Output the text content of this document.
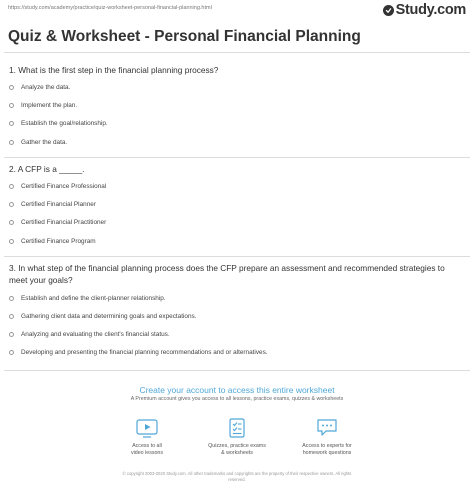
https://study.com/academy/practice/quiz-worksheet-personal-financial-planning.html	Study.com
Quiz & Worksheet - Personal Financial Planning
1. What is the first step in the financial planning process?
Analyze the data.
Implement the plan.
Establish the goal/relationship.
Gather the data.
2. A CFP is a _____.
Certified Finance Professional
Certified Financial Planner
Certified Financial Practitioner
Certified Finance Program
3. In what step of the financial planning process does the CFP prepare an assessment and recommended strategies to meet your goals?
Establish and define the client-planner relationship.
Gathering client data and determining goals and expectations.
Analyzing and evaluating the client's financial status.
Developing and presenting the financial planning recommendations and or alternatives.
Create your account to access this entire worksheet
A Premium account gives you access to all lessons, practice exams, quizzes & worksheets
Access to all
video lessons
Quizzes, practice exams
& worksheets
Access to experts for
homework questions
© copyright 2003-2020 Study.com. All other trademarks and copyrights are the property of their respective owners. All rights
reserved.
